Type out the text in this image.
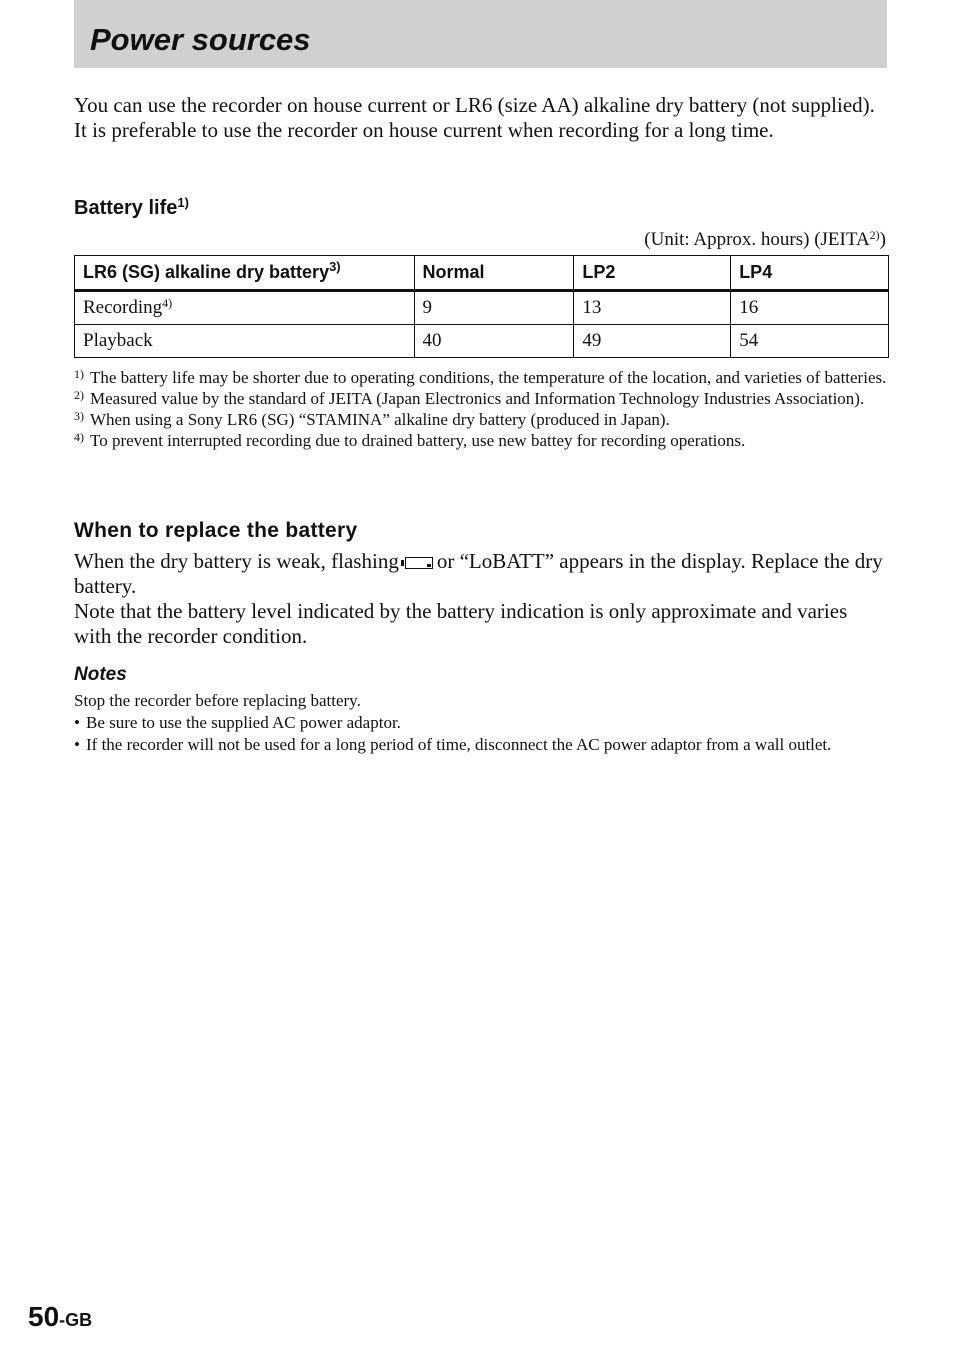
Power sources

You can use the recorder on house current or LR6 (size AA) alkaline dry battery (not supplied).

It is preferable to use the recorder on house current when recording for a long time.

Battery life$^{1)}$
(Unit: Approx. hours) (JEITA$^{2)}$)
LR6 (SG) alkaline dry battery$^{3)}$	Normal	LP2	LP4
Recording$^{4)}$	9	13	16
Playback	40	49	54
1) The battery life may be shorter due to operating conditions, the temperature of the location, and varieties of batteries.
2) Measured value by the standard of JEITA (Japan Electronics and Information Technology Industries Association).
3) When using a Sony LR6 (SG) “STAMINA” alkaline dry battery (produced in Japan).
4) To prevent interrupted recording due to drained battery, use new battey for recording operations.
When to replace the battery

When the dry battery is weak, flashing or “LoBATT” appears in the display. Replace the dry battery.

Note that the battery level indicated by the battery indication is only approximate and varies with the recorder condition.

Notes

Stop the recorder before replacing battery.

• Be sure to use the supplied AC power adaptor.
• If the recorder will not be used for a long period of time, disconnect the AC power adaptor from a wall outlet.
50-GB
